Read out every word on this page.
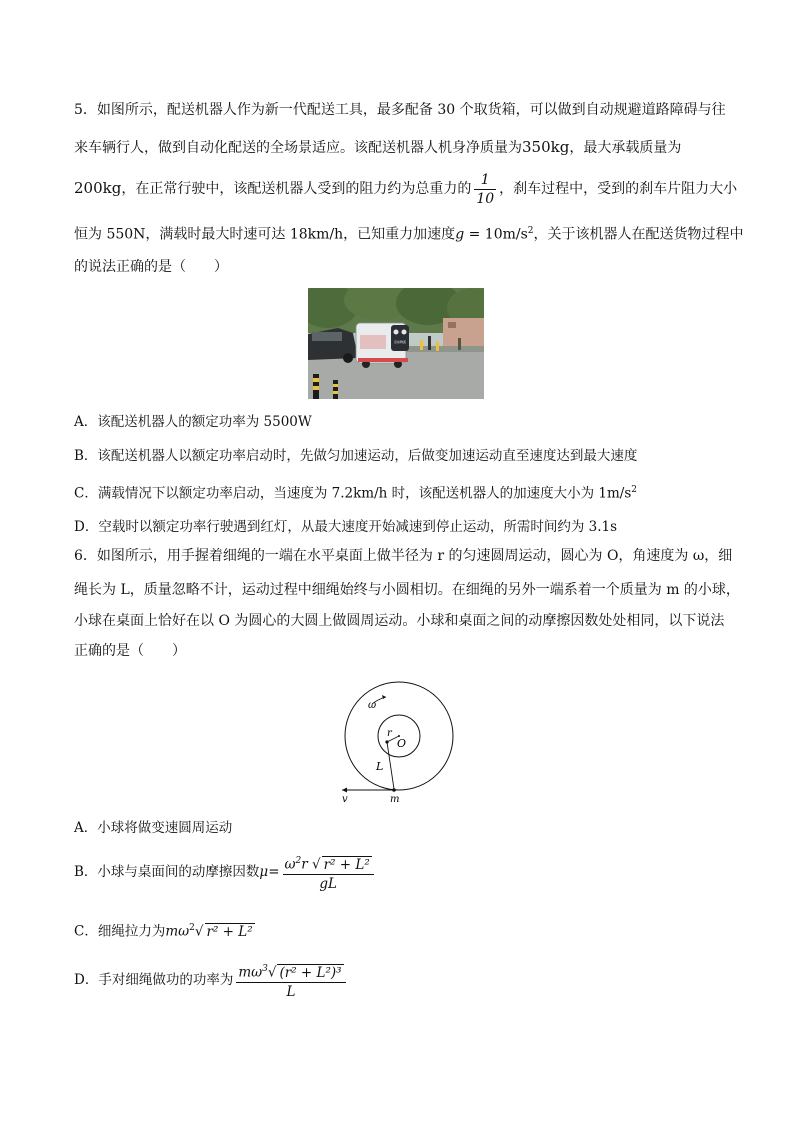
5．如图所示，配送机器人作为新一代配送工具，最多配备 30 个取货箱，可以做到自动规避道路障碍与往
来车辆行人，做到自动化配送的全场景适应。该配送机器人机身净质量为350kg，最大承载质量为
200kg，在正常行驶中，该配送机器人受到的阻力约为总重力的 $\frac{1}{10}$ ，刹车过程中，受到的刹车片阻力大小
恒为 550N，满载时最大时速可达 18km/h，已知重力加速度$g = 10m/s^2$，关于该机器人在配送货物过程中
的说法正确的是（　　）
京东物流
A．该配送机器人的额定功率为 5500W
B．该配送机器人以额定功率启动时，先做匀加速运动，后做变加速运动直至速度达到最大速度
C．满载情况下以额定功率启动，当速度为 7.2km/h 时，该配送机器人的加速度大小为 $1m/s^2$
D．空载时以额定功率行驶遇到红灯，从最大速度开始减速到停止运动，所需时间约为 3.1s
6．如图所示，用手握着细绳的一端在水平桌面上做半径为 r 的匀速圆周运动，圆心为 O，角速度为 ω，细
绳长为 L，质量忽略不计，运动过程中细绳始终与小圆相切。在细绳的另外一端系着一个质量为 m 的小球，
小球在桌面上恰好在以 O 为圆心的大圆上做圆周运动。小球和桌面之间的动摩擦因数处处相同，以下说法
正确的是（　　）
ω
r
O
L
v	m
A．小球将做变速圆周运动
B．小球与桌面间的动摩擦因数$\mu= \frac{\omega^2r √ r^2 + L^2}{gL}$
C．细绳拉力为$m\omega^2√$ r² + L²
D．手对细绳做功的功率为 $\frac{m\omega^3√ (r^2 + L^2)^3}{L}$
